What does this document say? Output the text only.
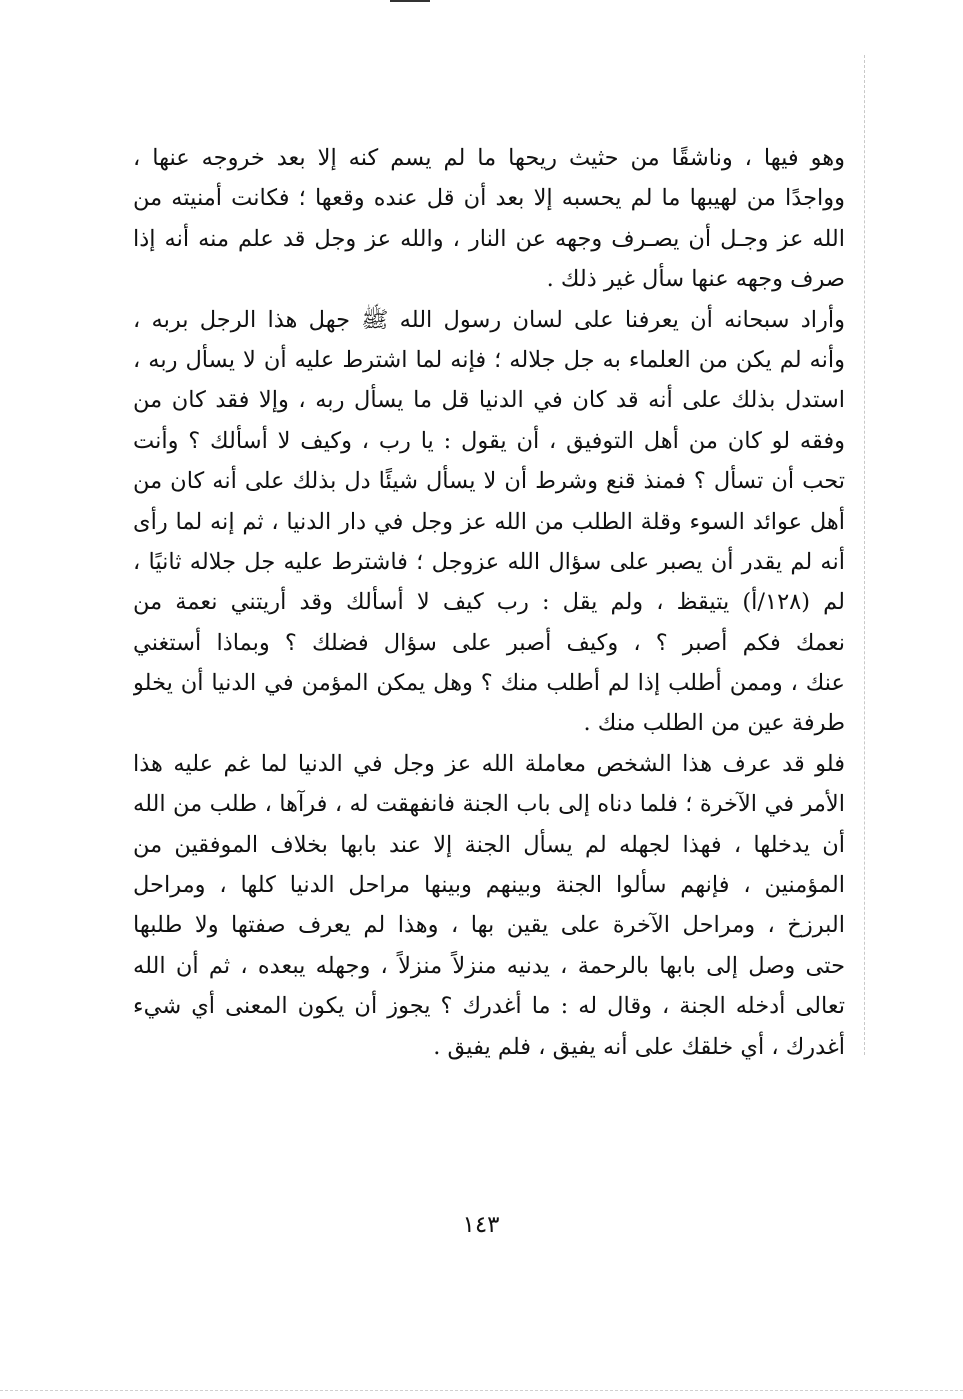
وهو فيها ، وناشقًا من حثيث ريحها ما لم يسم كنه إلا بعد خروجه عنها ،
وواجدًا من لهيبها ما لم يحسبه إلا بعد أن قل عنده وقعها ؛ فكانت أمنيته من
الله عز وجـل أن يصـرف وجهه عن النار ، والله عز وجل قد علم منه أنه إذا
صرف وجهه عنها سأل غير ذلك .
وأراد سبحانه أن يعرفنا على لسان رسول الله ﷺ جهل هذا الرجل بربه ،
وأنه لم يكن من العلماء به جل جلاله ؛ فإنه لما اشترط عليه أن لا يسأل ربه ،
استدل بذلك على أنه قد كان في الدنيا قل ما يسأل ربه ، وإلا فقد كان من
وفقه لو كان من أهل التوفيق ، أن يقول : يا رب ، وكيف لا أسألك ؟ وأنت
تحب أن تسأل ؟ فمنذ قنع وشرط أن لا يسأل شيئًا دل بذلك على أنه كان من
أهل عوائد السوء وقلة الطلب من الله عز وجل في دار الدنيا ، ثم إنه لما رأى
أنه لم يقدر أن يصبر على سؤال الله عزوجل ؛ فاشترط عليه جل جلاله ثانيًا ،
لم (١٢٨/أ) يتيقظ ، ولم يقل : رب كيف لا أسألك وقد أريتني نعمة من
نعمك فكم أصبر ؟ ، وكيف أصبر على سؤال فضلك ؟ وبماذا أستغني
عنك ، وممن أطلب إذا لم أطلب منك ؟ وهل يمكن المؤمن في الدنيا أن يخلو
طرفة عين من الطلب منك .
فلو قد عرف هذا الشخص معاملة الله عز وجل في الدنيا لما غم عليه هذا
الأمر في الآخرة ؛ فلما دناه إلى باب الجنة فانفهقت له ، فرآها ، طلب من الله
أن يدخلها ، فهذا لجهله لم يسأل الجنة إلا عند بابها بخلاف الموفقين من
المؤمنين ، فإنهم سألوا الجنة وبينهم وبينها مراحل الدنيا كلها ، ومراحل
البرزخ ، ومراحل الآخرة على يقين بها ، وهذا لم يعرف صفتها ولا طلبها
حتى وصل إلى بابها بالرحمة ، يدنيه منزلاً منزلاً ، وجهله يبعده ، ثم أن الله
تعالى أدخله الجنة ، وقال له : ما أغدرك ؟ يجوز أن يكون المعنى أي شيء
أغدرك ، أي خلقك على أنه يفيق ، فلم يفيق .
١٤٣
